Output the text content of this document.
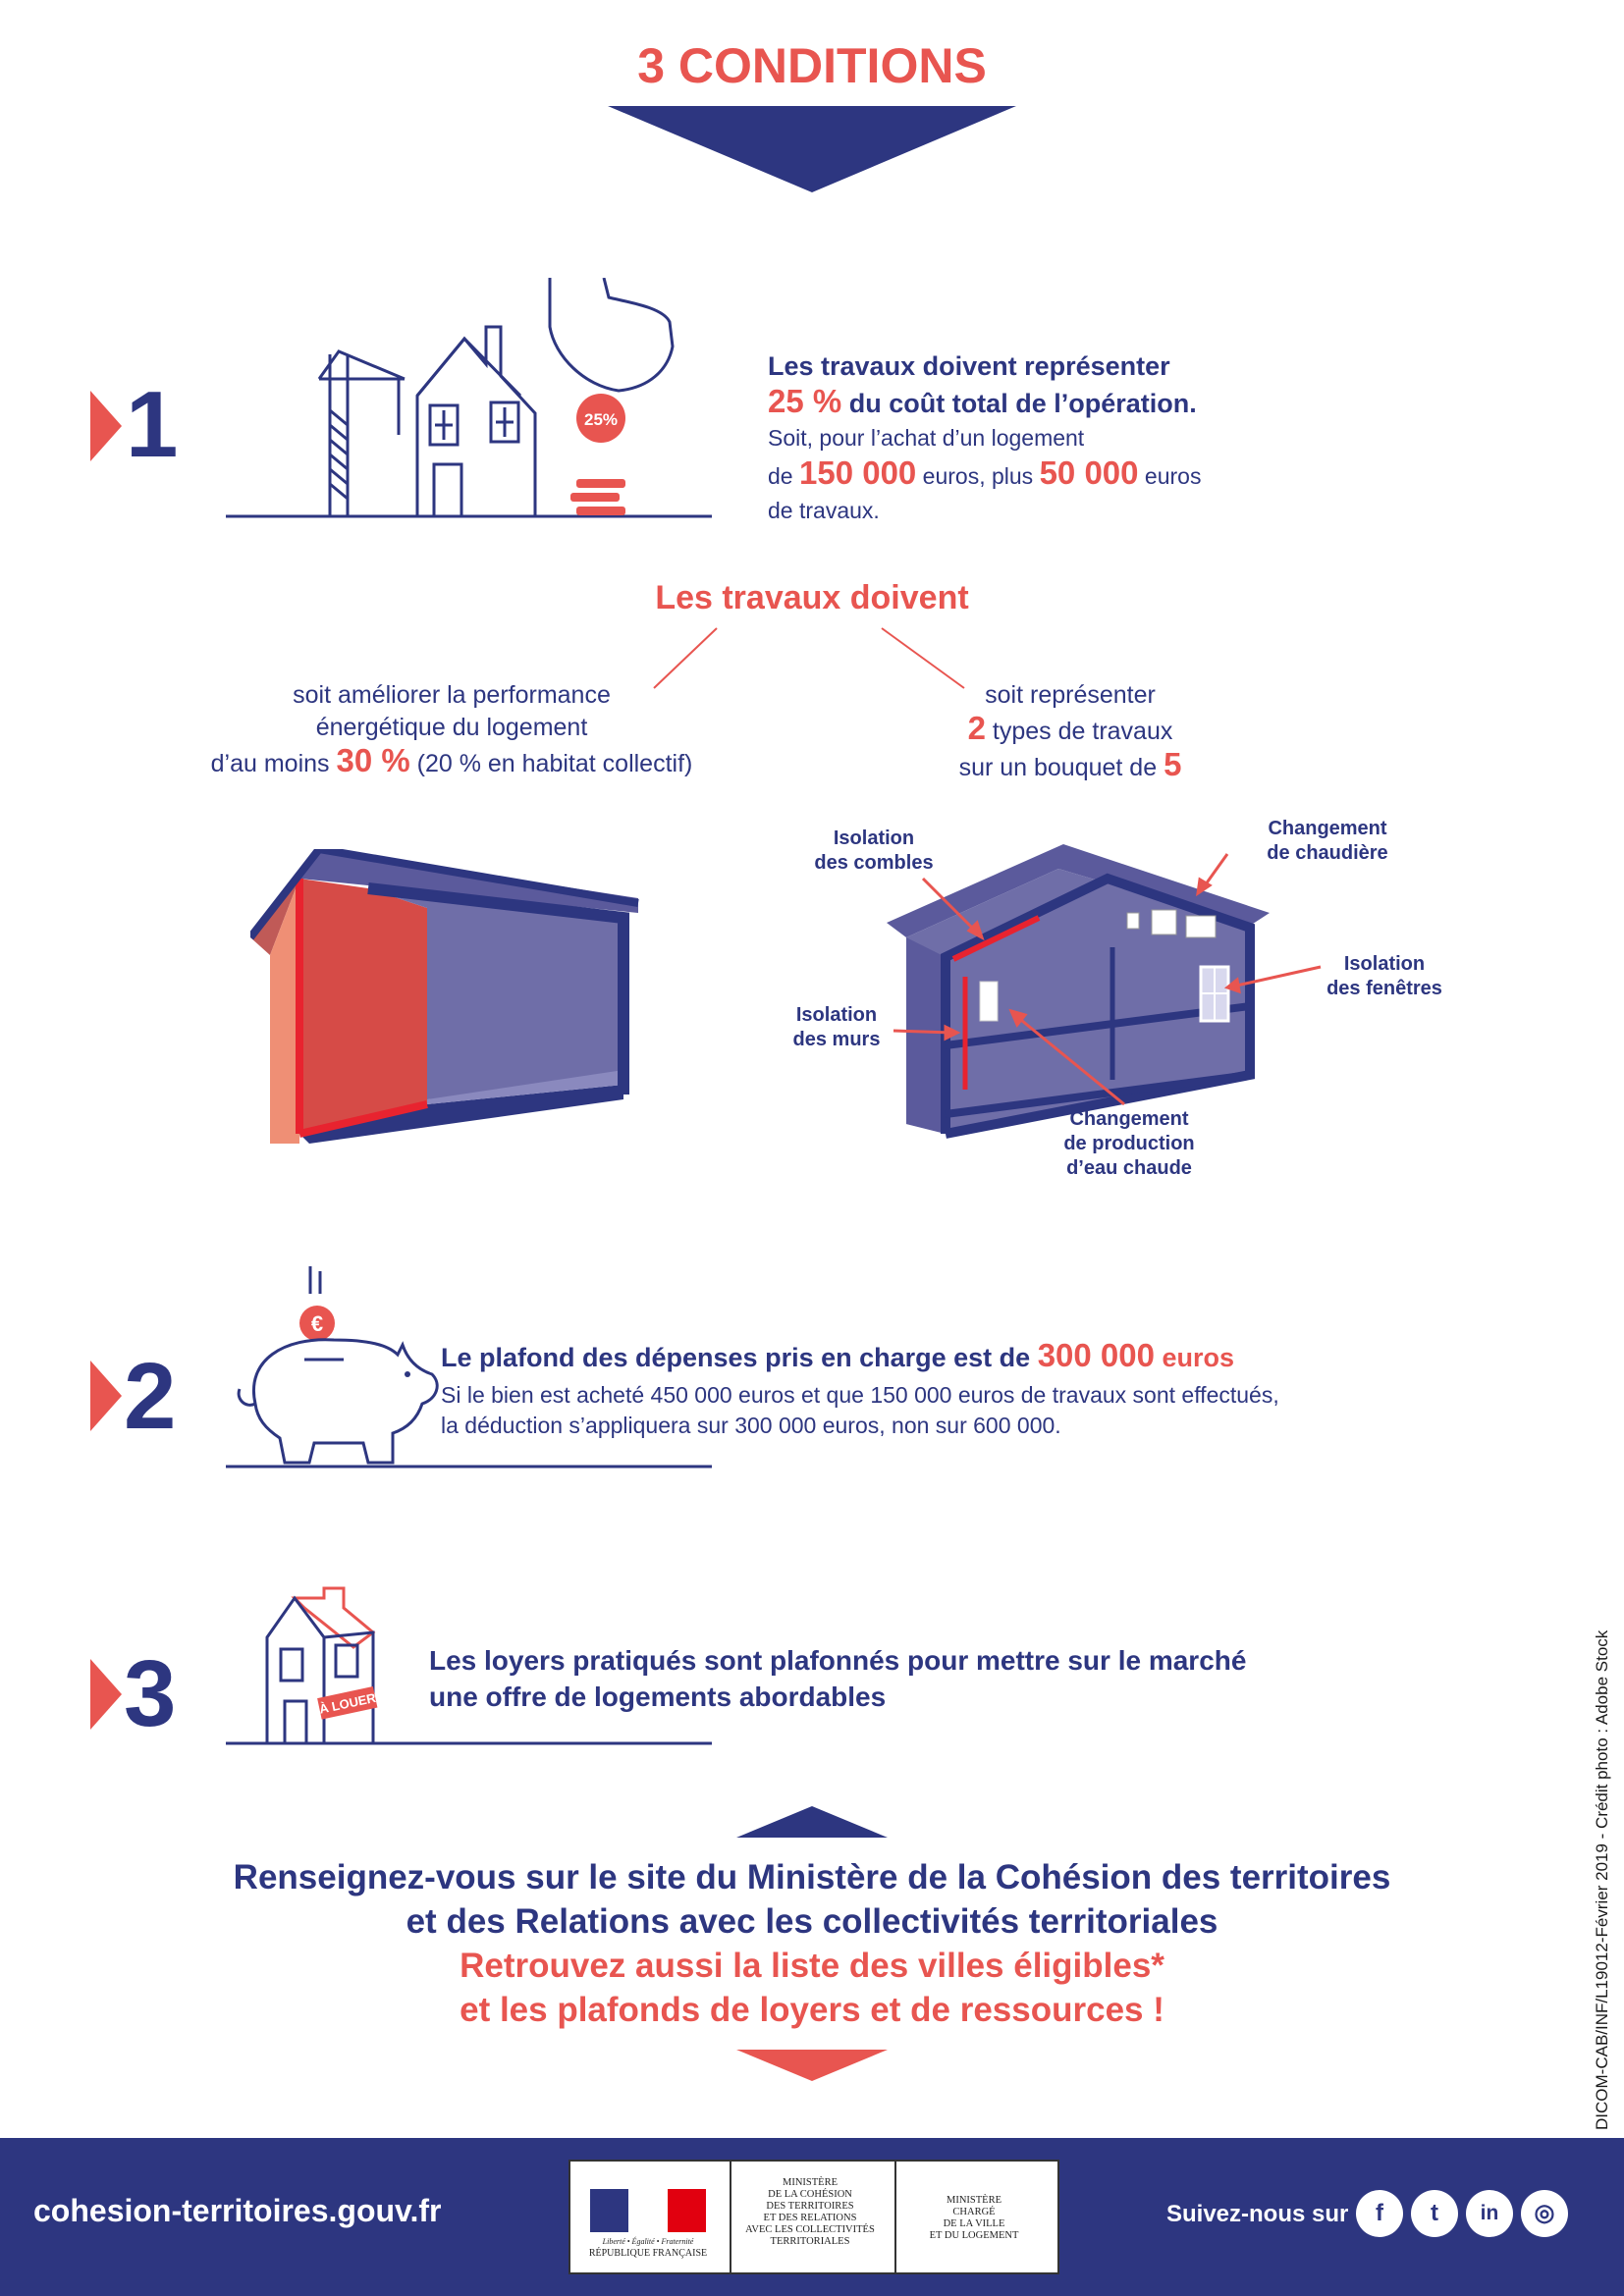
3 CONDITIONS
1	25%
Les travaux doivent représenter
25 % du coût total de l’opération.
Soit, pour l’achat d’un logement
de 150 000 euros, plus 50 000 euros
de travaux.
Les travaux doivent
soit améliorer la performance
énergétique du logement
d’au moins 30 % (20 % en habitat collectif)
soit représenter
2 types de travaux
sur un bouquet de 5
Isolation
des combles
Changement
de chaudière
Isolation
des fenêtres
Isolation
des murs
Changement
de production
d’eau chaude
2
€
Le plafond des dépenses pris en charge est de 300 000 euros
Si le bien est acheté 450 000 euros et que 150 000 euros de travaux sont effectués,
la déduction s’appliquera sur 300 000 euros, non sur 600 000.
3	À LOUER
Les loyers pratiqués sont plafonnés pour mettre sur le marché
une offre de logements abordables
Renseignez-vous sur le site du Ministère de la Cohésion des territoires
et des Relations avec les collectivités territoriales
Retrouvez aussi la liste des villes éligibles*
et les plafonds de loyers et de ressources !	DICOM-CAB/INF/L19012-Février 2019 - Crédit photo : Adobe Stock
cohesion-territoires.gouv.fr
Liberté • Égalité • Fraternité
RÉPUBLIQUE FRANÇAISE
MINISTÈRE
DE LA COHÉSION
DES TERRITOIRES
ET DES RELATIONS
AVEC LES COLLECTIVITÉS
TERRITORIALES
MINISTÈRE
CHARGÉ
DE LA VILLE
ET DU LOGEMENT
Suivez-nous sur	f	t	in	◎
